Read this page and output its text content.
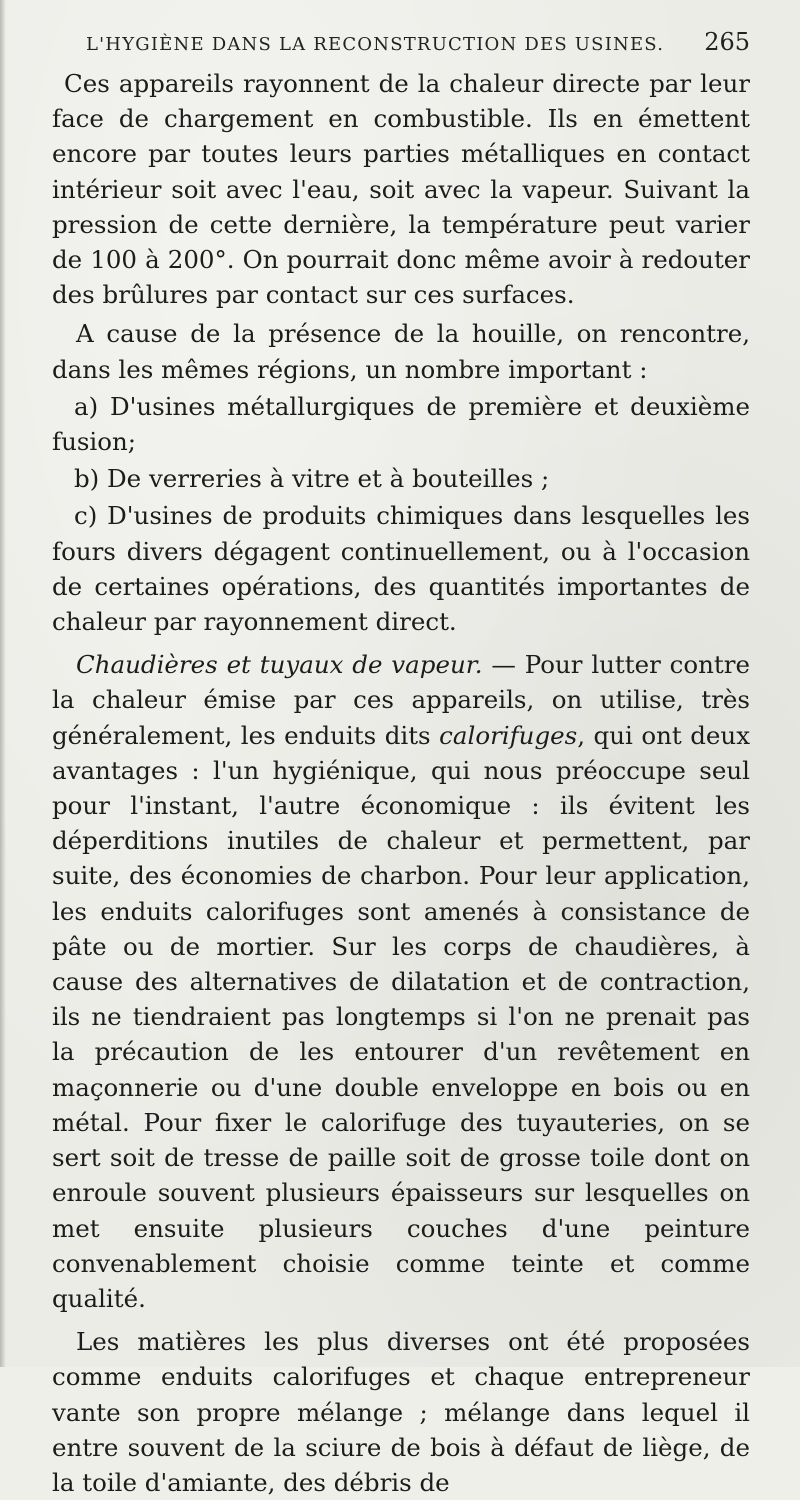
L'HYGIÈNE DANS LA RECONSTRUCTION DES USINES. 265

Ces appareils rayonnent de la chaleur directe par leur face de chargement en combustible. Ils en émettent encore par toutes leurs parties métalliques en contact intérieur soit avec l'eau, soit avec la vapeur. Suivant la pression de cette dernière, la température peut varier de 100 à 200°. On pourrait donc même avoir à redouter des brûlures par contact sur ces surfaces.

A cause de la présence de la houille, on rencontre, dans les mêmes régions, un nombre important :

a) D'usines métallurgiques de première et deuxième fusion;

b) De verreries à vitre et à bouteilles ;

c) D'usines de produits chimiques dans lesquelles les fours divers dégagent continuellement, ou à l'occasion de certaines opérations, des quantités importantes de chaleur par rayonnement direct.

Chaudières et tuyaux de vapeur. — Pour lutter contre la chaleur émise par ces appareils, on utilise, très généralement, les enduits dits calorifuges, qui ont deux avantages : l'un hygiénique, qui nous préoccupe seul pour l'instant, l'autre économique : ils évitent les déperditions inutiles de chaleur et permettent, par suite, des économies de charbon. Pour leur application, les enduits calorifuges sont amenés à consistance de pâte ou de mortier. Sur les corps de chaudières, à cause des alternatives de dilatation et de contraction, ils ne tiendraient pas longtemps si l'on ne prenait pas la précaution de les entourer d'un revêtement en maçonnerie ou d'une double enveloppe en bois ou en métal. Pour fixer le calorifuge des tuyauteries, on se sert soit de tresse de paille soit de grosse toile dont on enroule souvent plusieurs épaisseurs sur lesquelles on met ensuite plusieurs couches d'une peinture convenablement choisie comme teinte et comme qualité.

Les matières les plus diverses ont été proposées comme enduits calorifuges et chaque entrepreneur vante son propre mélange ; mélange dans lequel il entre souvent de la sciure de bois à défaut de liège, de la toile d'amiante, des débris de
